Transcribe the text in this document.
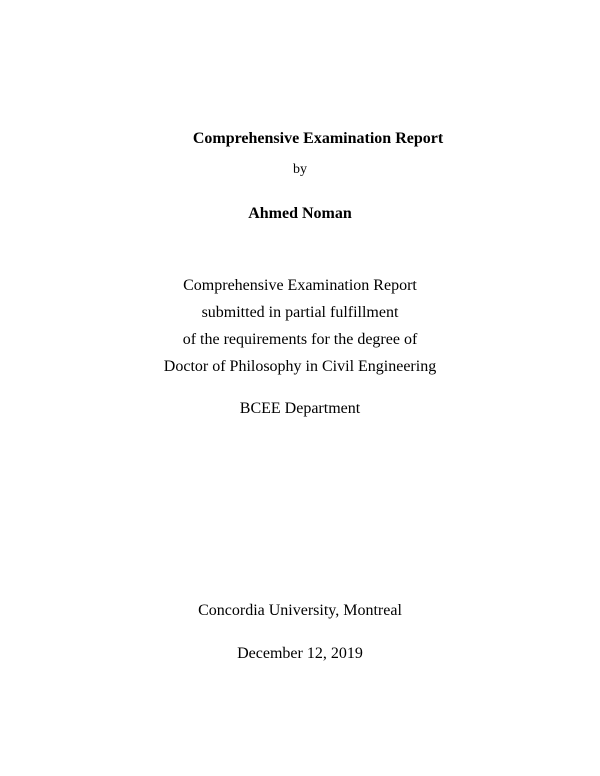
Comprehensive Examination Report
by
Ahmed Noman
Comprehensive Examination Report
submitted in partial fulfillment
of the requirements for the degree of
Doctor of Philosophy in Civil Engineering
BCEE Department
Concordia University, Montreal
December 12, 2019
